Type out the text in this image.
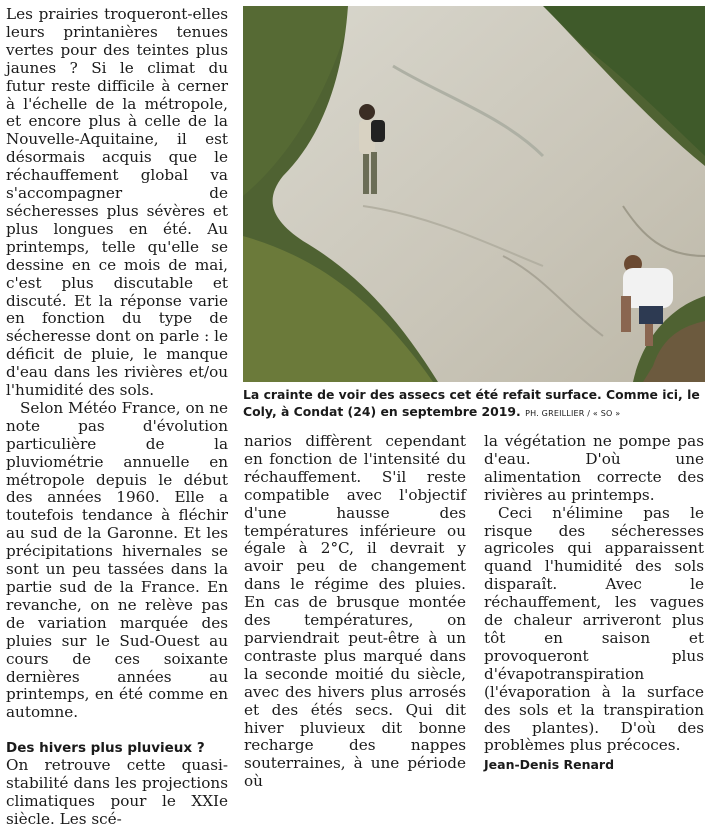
Les prairies troqueront-elles leurs printanières tenues vertes pour des teintes plus jaunes ? Si le climat du futur reste difficile à cerner à l'échelle de la métropole, et encore plus à celle de la Nouvelle-Aquitaine, il est désormais acquis que le réchauffement global va s'accompagner de sécheresses plus sévères et plus longues en été. Au printemps, telle qu'elle se dessine en ce mois de mai, c'est plus discutable et discuté. Et la réponse varie en fonction du type de sécheresse dont on parle : le déficit de pluie, le manque d'eau dans les rivières et/ou l'humidité des sols.

Selon Météo France, on ne note pas d'évolution particulière de la pluviométrie annuelle en métropole depuis le début des années 1960. Elle a toutefois tendance à fléchir au sud de la Garonne. Et les précipitations hivernales se sont un peu tassées dans la partie sud de la France. En revanche, on ne relève pas de variation marquée des pluies sur le Sud-Ouest au cours de ces soixante dernières années au printemps, en été comme en automne.

Des hivers plus pluvieux ?

On retrouve cette quasi-stabilité dans les projections climatiques pour le XXIe siècle. Les scé-

La crainte de voir des assecs cet été refait surface. Comme ici, le Coly, à Condat (24) en septembre 2019. PH. GREILLIER / « SO »

narios diffèrent cependant en fonction de l'intensité du réchauffement. S'il reste compatible avec l'objectif d'une hausse des températures inférieure ou égale à 2°C, il devrait y avoir peu de changement dans le régime des pluies. En cas de brusque montée des températures, on parviendrait peut-être à un contraste plus marqué dans la seconde moitié du siècle, avec des hivers plus arrosés et des étés secs. Qui dit hiver pluvieux dit bonne recharge des nappes souterraines, à une période où

la végétation ne pompe pas d'eau. D'où une alimentation correcte des rivières au printemps.

Ceci n'élimine pas le risque des sécheresses agricoles qui apparaissent quand l'humidité des sols disparaît. Avec le réchauffement, les vagues de chaleur arriveront plus tôt en saison et provoqueront plus d'évapotranspiration (l'évaporation à la surface des sols et la transpiration des plantes). D'où des problèmes plus précoces.

Jean-Denis Renard
